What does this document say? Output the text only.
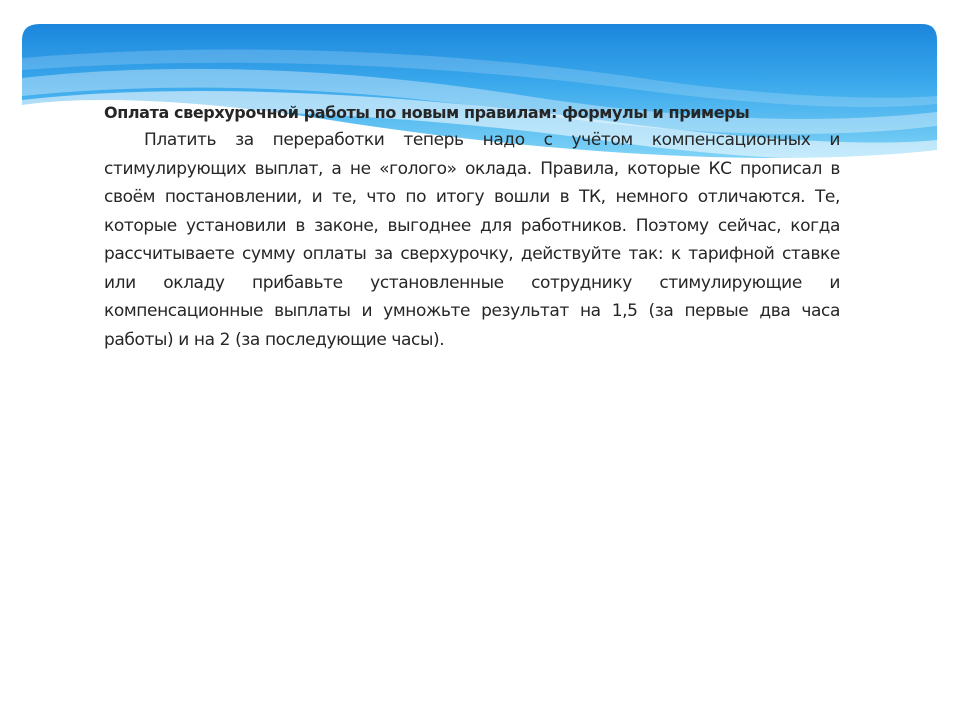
Оплата сверхурочной работы по новым правилам: формулы и примеры

Платить за переработки теперь надо с учётом компенсационных и стимулирующих выплат, а не «голого» оклада. Правила, которые КС прописал в своём постановлении, и те, что по итогу вошли в ТК, немного отличаются. Те, которые установили в законе, выгоднее для работников. Поэтому сейчас, когда рассчитываете сумму оплаты за сверхурочку, действуйте так: к тарифной ставке или окладу прибавьте установленные сотруднику стимулирующие и компенсационные выплаты и умножьте результат на 1,5 (за первые два часа работы) и на 2 (за последующие часы).
